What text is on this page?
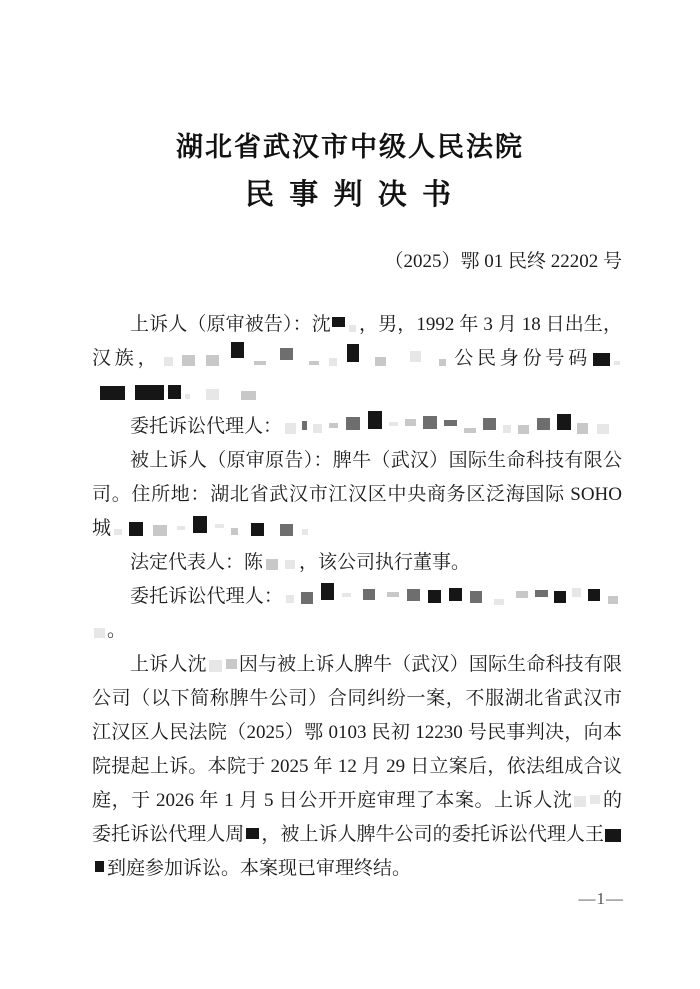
湖北省武汉市中级人民法院
民 事 判 决 书
（2025）鄂 01 民终 22202 号

上诉人（原审被告）：沈 ，男，1992 年 3 月 18 日出生，汉族，	公民身份号码

委托诉讼代理人：

被上诉人（原审原告）：脾牛（武汉）国际生命科技有限公司。住所地：湖北省武汉市江汉区中央商务区泛海国际 SOHO 城

法定代表人：陈 ，该公司执行董事。

委托诉讼代理人：。

上诉人沈 因与被上诉人脾牛（武汉）国际生命科技有限公司（以下简称脾牛公司）合同纠纷一案，不服湖北省武汉市江汉区人民法院（2025）鄂 0103 民初 12230 号民事判决，向本院提起上诉。本院于 2025 年 12 月 29 日立案后，依法组成合议庭，于 2026 年 1 月 5 日公开开庭审理了本案。上诉人沈 的委托诉讼代理人周 ，被上诉人脾牛公司的委托诉讼代理人王到庭参加诉讼。本案现已审理终结。

—1—
